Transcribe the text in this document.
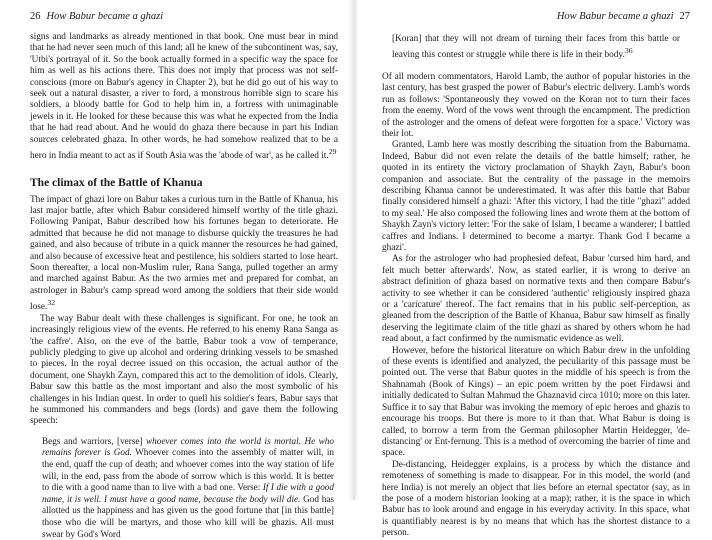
26 How Babur became a ghazi

signs and landmarks as already mentioned in that book. One must bear in mind that he had never seen much of this land; all he knew of the subcontinent was, say, 'Utbi's portrayal of it. So the book actually formed in a specific way the space for him as well as his actions there. This does not imply that process was not self-conscious (more on Babur's agency in Chapter 2), but he did go out of his way to seek out a natural disaster, a river to ford, a monstrous horrible sign to scare his soldiers, a bloody battle for God to help him in, a fortress with unimaginable jewels in it. He looked for these because this was what he expected from the India that he had read about. And he would do ghaza there because in part his Indian sources celebrated ghaza. In other words, he had somehow realized that to be a hero in India meant to act as if South Asia was the 'abode of war', as he called it.$^{29}$

The climax of the Battle of Khanua

The impact of ghazi lore on Babur takes a curious turn in the Battle of Khanua, his last major battle, after which Babur considered himself worthy of the title ghazi. Following Panipat, Babur described how his fortunes began to deteriorate. He admitted that because he did not manage to disburse quickly the treasures he had gained, and also because of tribute in a quick manner the resources he had gained, and also because of excessive heat and pestilence, his soldiers started to lose heart. Soon thereafter, a local non-Muslim ruler, Rana Sanga, pulled together an army and marched against Babur. As the two armies met and prepared for combat, an astrologer in Babur's camp spread word among the soldiers that their side would lose.$^{32}$

The way Babur dealt with these challenges is significant. For one, he took an increasingly religious view of the events. He referred to his enemy Rana Sanga as 'the caffre'. Also, on the eve of the battle, Babur took a vow of temperance, publicly pledging to give up alcohol and ordering drinking vessels to be smashed to pieces. In the royal decree issued on this occasion, the actual author of the document, one Shaykh Zayn, compared this act to the demolition of idols. Clearly, Babur saw this battle as the most important and also the most symbolic of his challenges in his Indian quest. In order to quell his soldier's fears, Babur says that he summoned his commanders and begs (lords) and gave them the following speech:

Begs and warriors, [verse] whoever comes into the world is mortal. He who remains forever is God. Whoever comes into the assembly of matter will, in the end, quaff the cup of death; and whoever comes into the way station of life will, in the end, pass from the abode of sorrow which is this world. It is better to die with a good name than to live with a bad one. Verse: If I die with a good name, it is well. I must have a good name, because the body will die. God has allotted us the happiness and has given us the good fortune that [in this battle] those who die will be martyrs, and those who kill will be ghazis. All must swear by God's Word
How Babur became a ghazi 27
[Koran] that they will not dream of turning their faces from this battle or leaving this contest or struggle while there is life in their body.$^{36}$

Of all modern commentators, Harold Lamb, the author of popular histories in the last century, has best grasped the power of Babur's electric delivery. Lamb's words run as follows: 'Spontaneously they vowed on the Koran not to turn their faces from the enemy. Word of the vows went through the encampment. The prediction of the astrologer and the omens of defeat were forgotten for a space.' Victory was their lot.

Granted, Lamb here was mostly describing the situation from the Baburnama. Indeed, Babur did not even relate the details of the battle himself; rather, he quoted in its entirety the victory proclamation of Shaykh Zayn, Babur's boon companion and associate. But the centrality of the passage in the memoirs describing Khanua cannot be underestimated. It was after this battle that Babur finally considered himself a ghazi: 'After this victory, I had the title "ghazi" added to my seal.' He also composed the following lines and wrote them at the bottom of Shaykh Zayn's victory letter: 'For the sake of Islam, I became a wanderer; I battled caffres and Indians. I determined to become a martyr. Thank God I became a ghazi'.

As for the astrologer who had prophesied defeat, Babur 'cursed him hard, and felt much better afterwards'. Now, as stated earlier, it is wrong to derive an abstract definition of ghaza based on normative texts and then compare Babur's activity to see whether it can be considered 'authentic' religiously inspired ghaza or a 'caricature' thereof. The fact remains that in his public self-perception, as gleaned from the description of the Battle of Khanua, Babur saw himself as finally deserving the legitimate claim of the title ghazi as shared by others whom he had read about, a fact confirmed by the numismatic evidence as well.

However, before the historical literature on which Babur drew in the unfolding of these events is identified and analyzed, the peculiarity of this passage must be pointed out. The verse that Babur quotes in the middle of his speech is from the Shahnamah (Book of Kings) – an epic poem written by the poet Firdawsi and initially dedicated to Sultan Mahmud the Ghaznavid circa 1010; more on this later. Suffice it to say that Babur was invoking the memory of epic heroes and ghazis to encourage his troops. But there is more to it than that. What Babur is doing is called, to borrow a term from the German philosopher Martin Heidegger, 'de-distancing' or Ent-fernung. This is a method of overcoming the barrier of time and space.

De-distancing, Heidegger explains, is a process by which the distance and remoteness of something is made to disappear. For in this model, the world (and here India) is not merely an object that lies before an eternal spectator (say, as in the pose of a modern historian looking at a map); rather, it is the space in which Babur has to look around and engage in his everyday activity. In this space, what is quantifiably nearest is by no means that which has the shortest distance to a person.
